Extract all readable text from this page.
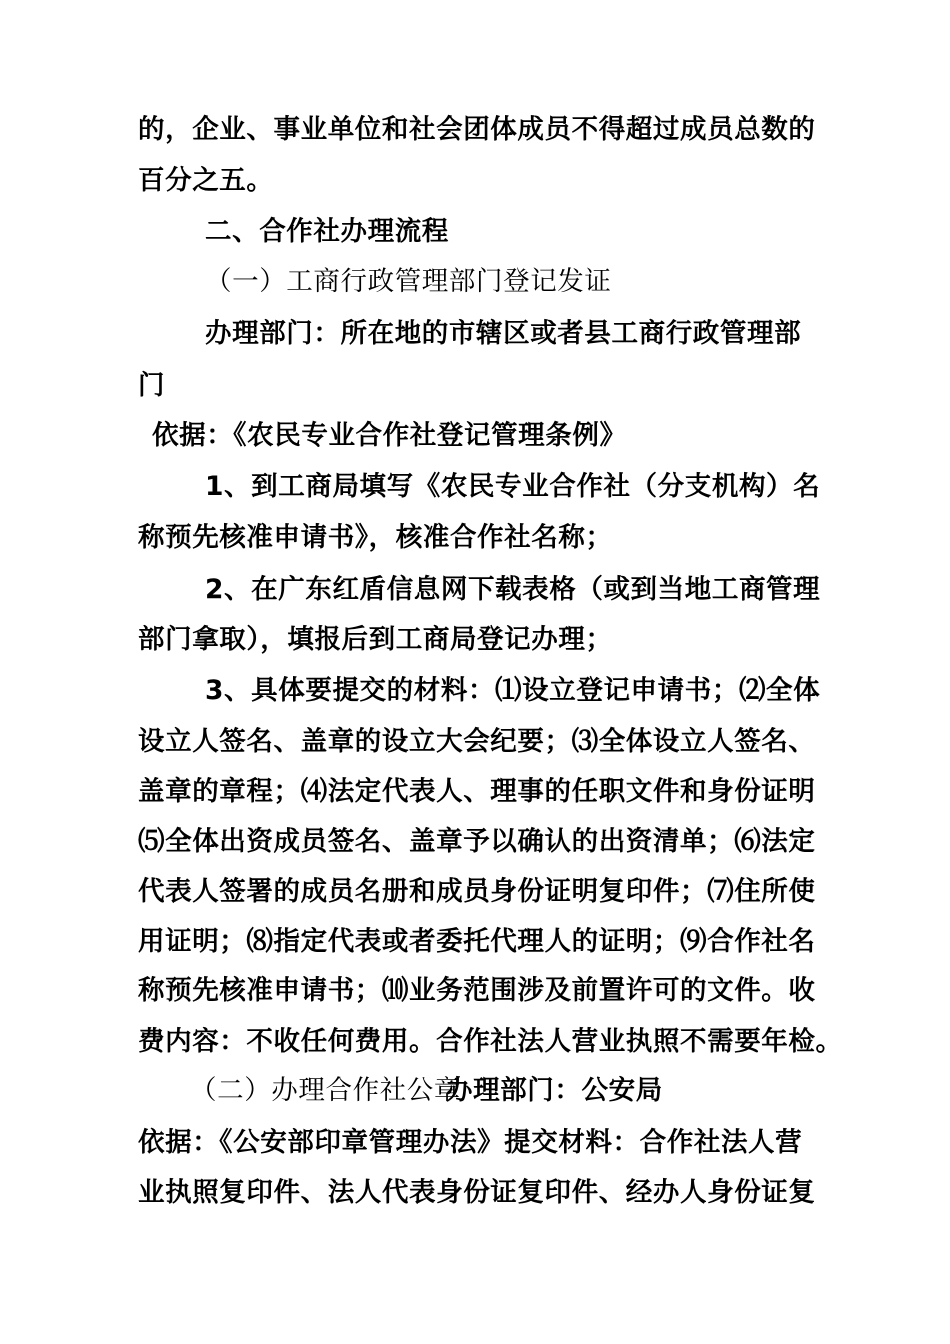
的，企业、事业单位和社会团体成员不得超过成员总数的
百分之五。
二、合作社办理流程
（一）工商行政管理部门登记发证
办理部门：所在地的市辖区或者县工商行政管理部
门
依据：《农民专业合作社登记管理条例》
1、到工商局填写《农民专业合作社（分支机构）名
称预先核准申请书》，核准合作社名称；
2、在广东红盾信息网下载表格（或到当地工商管理
部门拿取），填报后到工商局登记办理；
3、具体要提交的材料：⑴设立登记申请书；⑵全体
设立人签名、盖章的设立大会纪要；⑶全体设立人签名、
盖章的章程；⑷法定代表人、理事的任职文件和身份证明
⑸全体出资成员签名、盖章予以确认的出资清单；⑹法定
代表人签署的成员名册和成员身份证明复印件；⑺住所使
用证明；⑻指定代表或者委托代理人的证明；⑼合作社名
称预先核准申请书；⑽业务范围涉及前置许可的文件。收
费内容：不收任何费用。合作社法人营业执照不需要年检。
（二）办理合作社公章
办理部门：公安局
依据：《公安部印章管理办法》提交材料：合作社法人营
业执照复印件、法人代表身份证复印件、经办人身份证复
